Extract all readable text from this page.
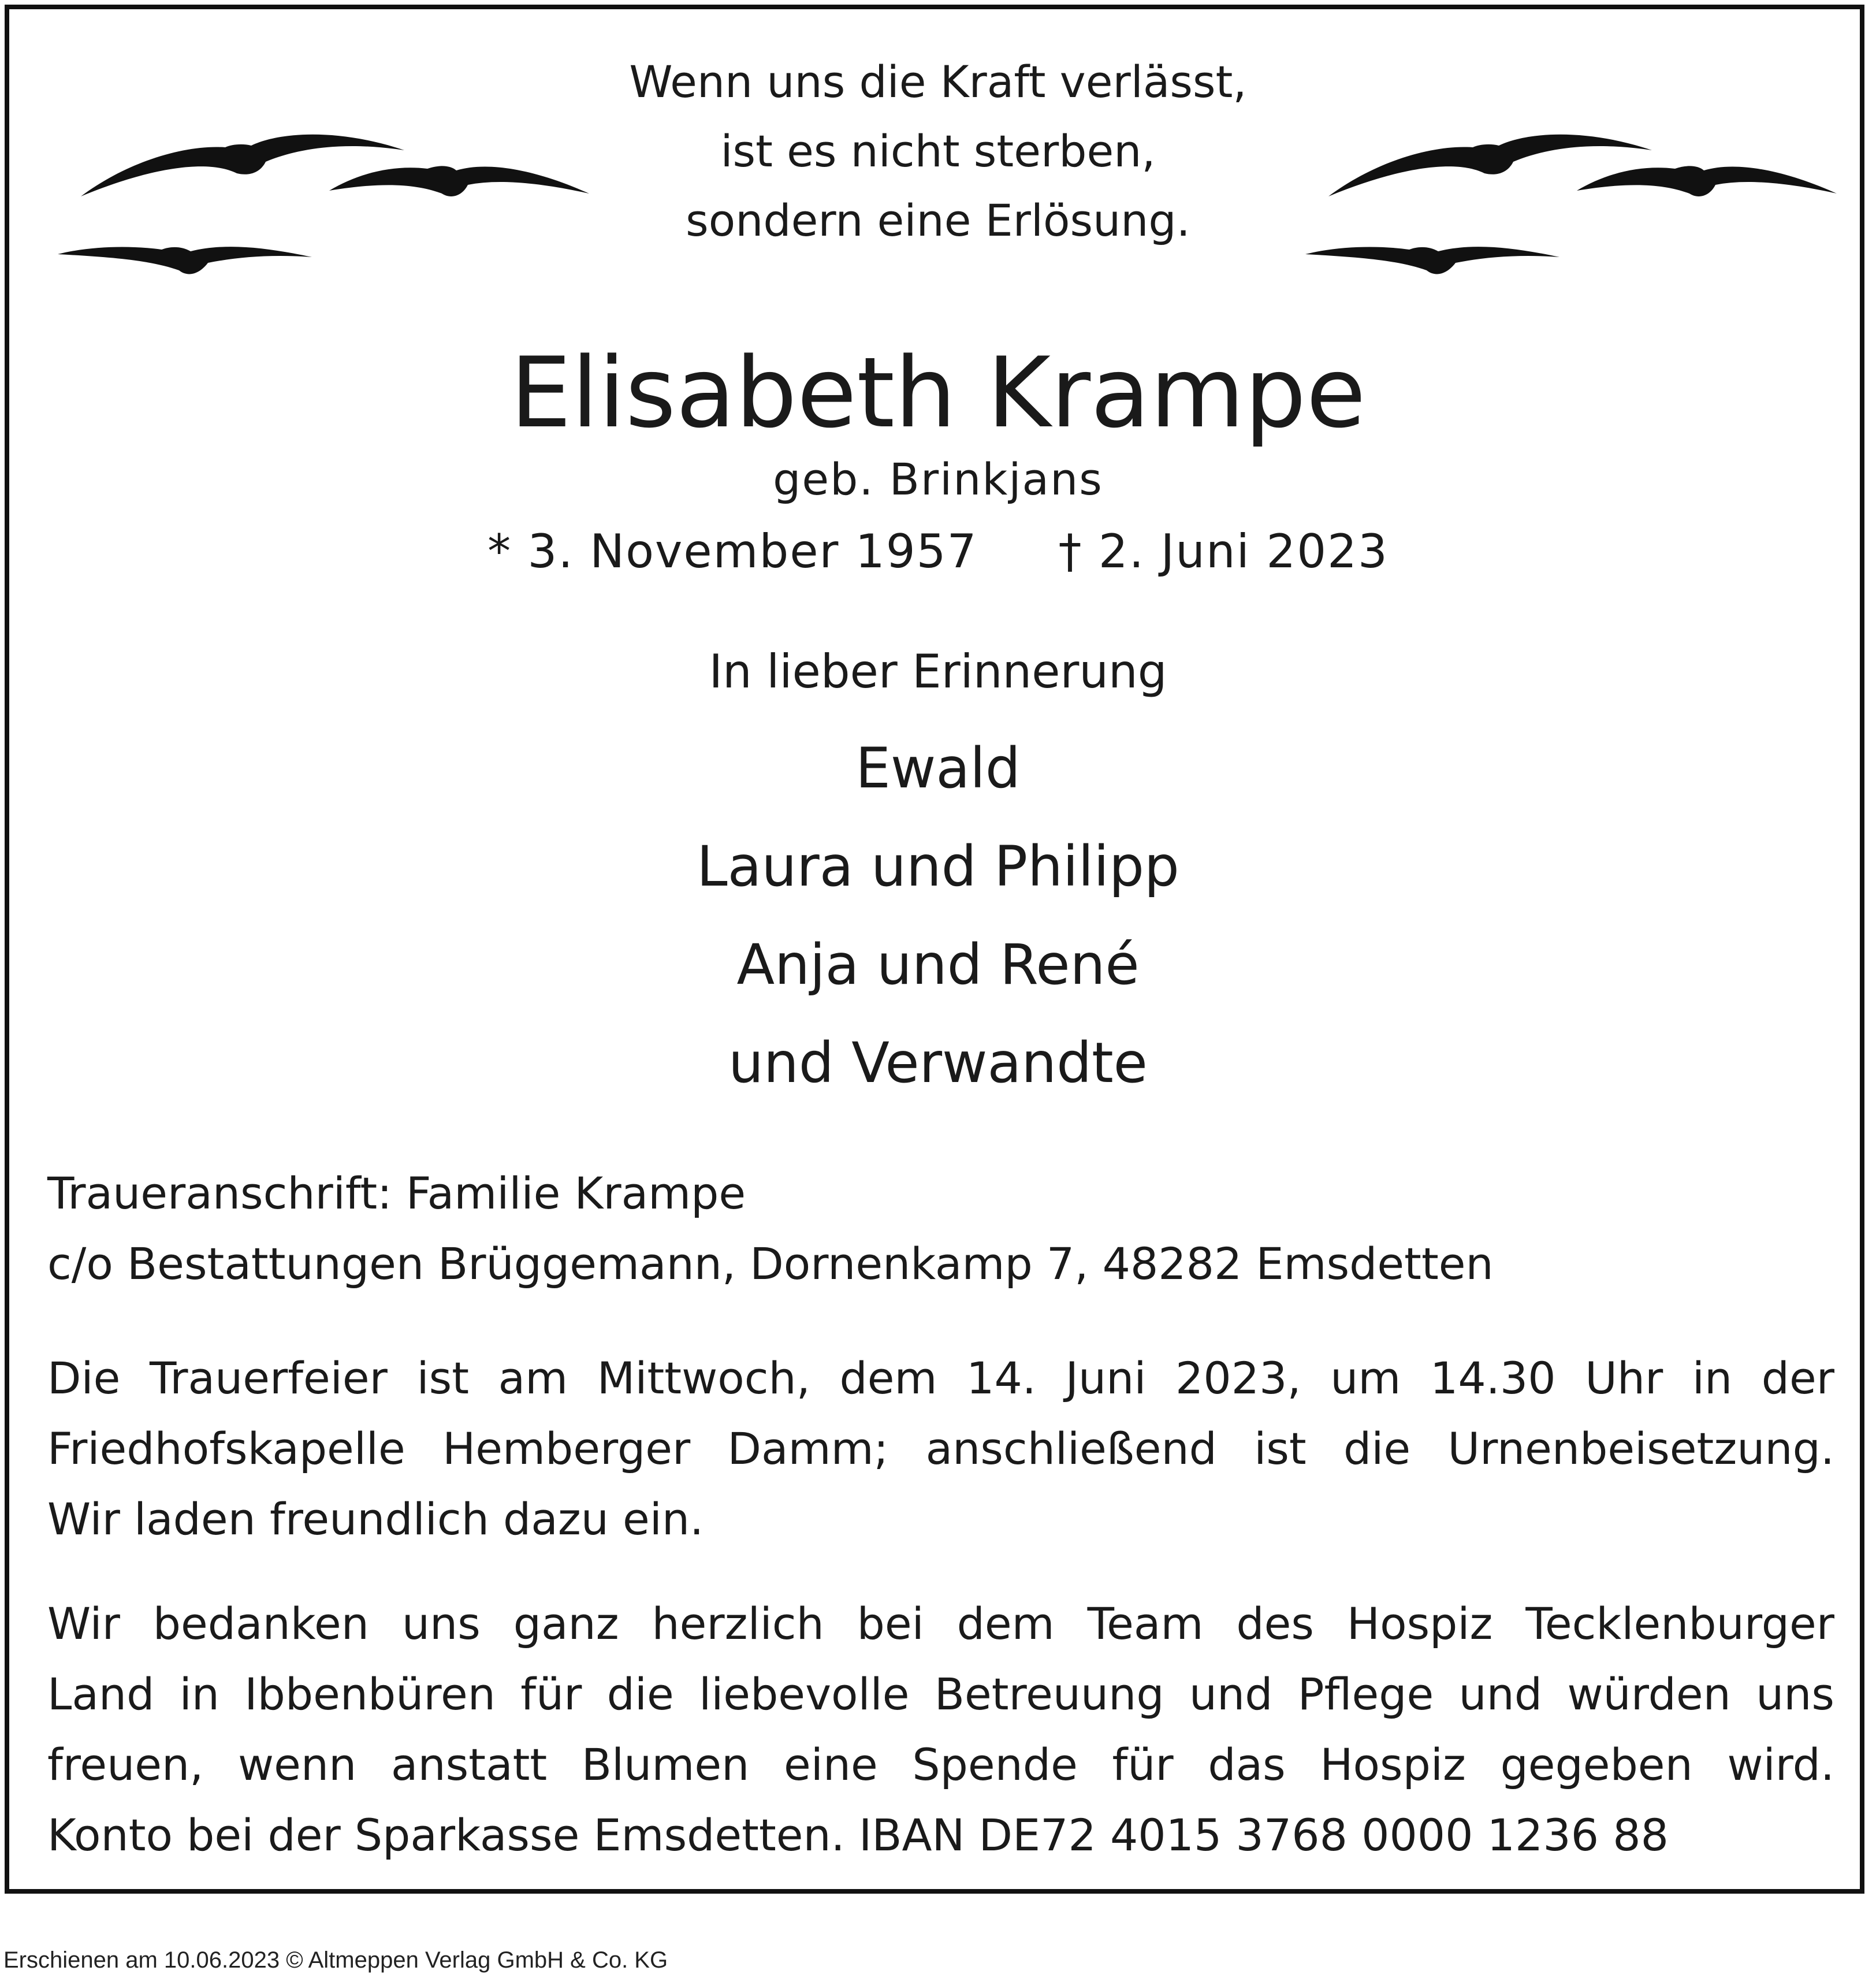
Wenn uns die Kraft verlässt,
ist es nicht sterben,
sondern eine Erlösung.
Elisabeth Krampe
geb. Brinkjans
* 3. November 1957 † 2. Juni 2023
In lieber Erinnerung
Ewald
Laura und Philipp
Anja und René
und Verwandte
Traueranschrift: Familie Krampe
c/o Bestattungen Brüggemann, Dornenkamp 7, 48282 Emsdetten
Die Trauerfeier ist am Mittwoch, dem 14. Juni 2023, um 14.30 Uhr in der
Friedhofskapelle Hemberger Damm; anschließend ist die Urnenbeisetzung.
Wir laden freundlich dazu ein.
Wir bedanken uns ganz herzlich bei dem Team des Hospiz Tecklenburger
Land in Ibbenbüren für die liebevolle Betreuung und Pflege und würden uns
freuen, wenn anstatt Blumen eine Spende für das Hospiz gegeben wird.
Konto bei der Sparkasse Emsdetten. IBAN DE72 4015 3768 0000 1236 88
Erschienen am 10.06.2023 © Altmeppen Verlag GmbH & Co. KG
